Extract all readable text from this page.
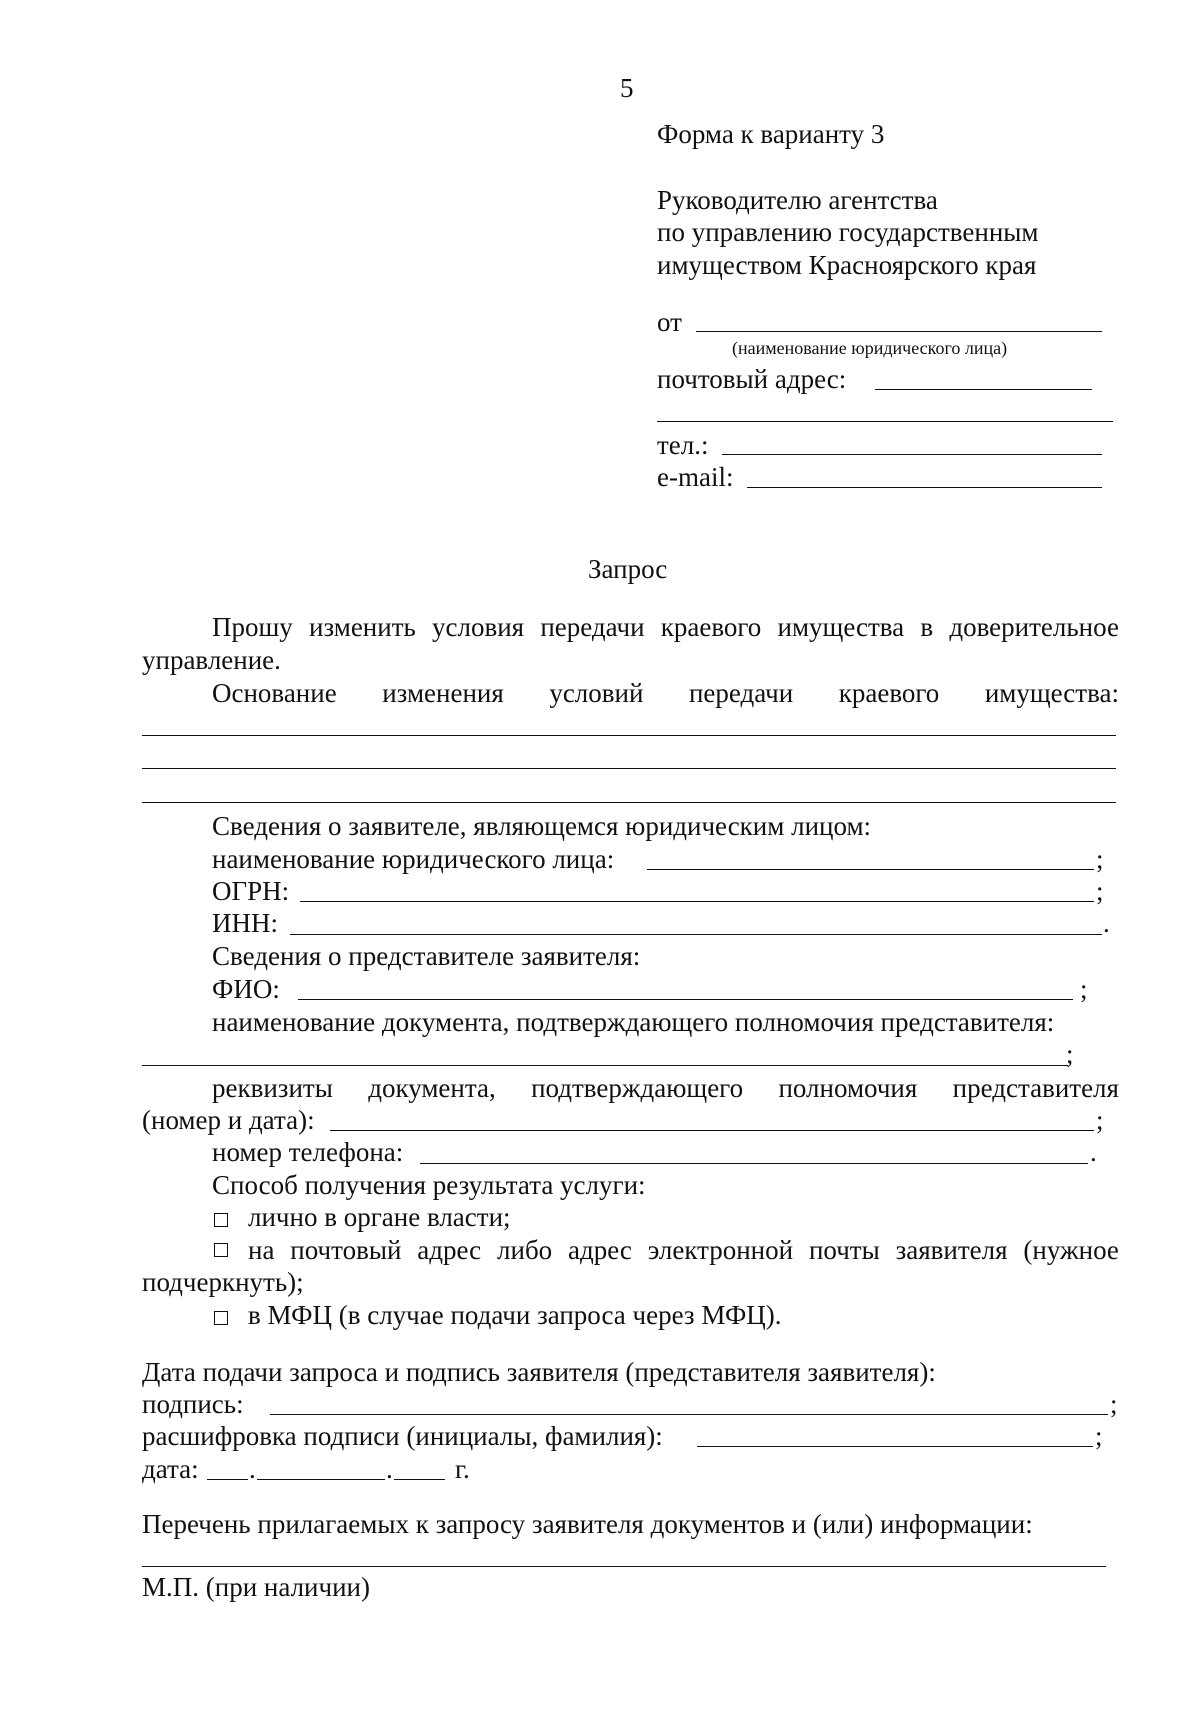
5
Форма к варианту 3
Руководителю агентства
по управлению государственным
имуществом Красноярского края
от
(наименование юридического лица)
почтовый адрес:
тел.:
e-mail:
Запрос
Прошу изменить условия передачи краевого имущества в доверительное
управление.
Основание изменения условий передачи краевого имущества:
Сведения о заявителе, являющемся юридическим лицом:
наименование юридического лица:	;
ОГРН:	;
ИНН:	.
Сведения о представителе заявителя:
ФИО:	;
наименование документа, подтверждающего полномочия представителя:
;
реквизиты документа, подтверждающего полномочия представителя
(номер и дата):	;
номер телефона:	.
Способ получения результата услуги:
лично в органе власти;
на почтовый адрес либо адрес электронной почты заявителя (нужное
подчеркнуть);
в МФЦ (в случае подачи запроса через МФЦ).
Дата подачи запроса и подпись заявителя (представителя заявителя):
подпись:	;
расшифровка подписи (инициалы, фамилия):	;
дата: .	. г.
Перечень прилагаемых к запросу заявителя документов и (или) информации:
М.П. (при наличии)
